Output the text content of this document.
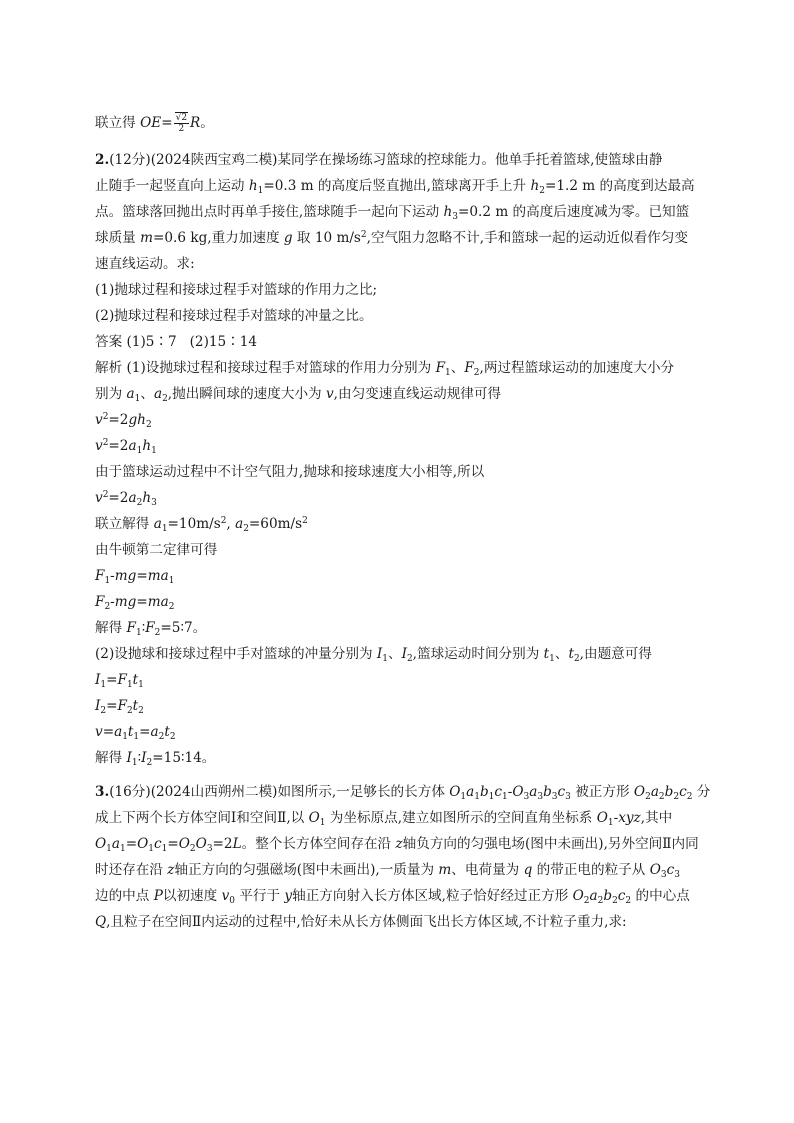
联立得 $OE= \frac{√2}{2}$ R。
2.(12分)(2024陕西宝鸡二模)某同学在操场练习篮球的控球能力。他单手托着篮球,使篮球由静
止随手一起竖直向上运动 $h_1=0.3$ m 的高度后竖直抛出,篮球离开手上升 $h_2=1.2$ m 的高度到达最高
点。篮球落回抛出点时再单手接住,篮球随手一起向下运动 $h_3=0.2$ m 的高度后速度减为零。已知篮
球质量 m=0.6 kg,重力加速度 g 取 10 $m/s^2$,空气阻力忽略不计,手和篮球一起的运动近似看作匀变
速直线运动。求:
(1)抛球过程和接球过程手对篮球的作用力之比;
(2)抛球过程和接球过程手对篮球的冲量之比。
答案 (1)5∶7   (2)15∶14
解析 (1)设抛球过程和接球过程手对篮球的作用力分别为 $F_1$、$F_2$,两过程篮球运动的加速度大小分
别为 $a_1$、$a_2$,抛出瞬间球的速度大小为 v,由匀变速直线运动规律可得
$v^2=2gh_2$
$v^2=2a_1h_1$
由于篮球运动过程中不计空气阻力,抛球和接球速度大小相等,所以
$v^2=2a_2h_3$
联立解得 $a_1=10m/s^2$, $a_2=60m/s^2$
由牛顿第二定律可得
$F_1-mg=ma_1$
$F_2-mg=ma_2$
解得 $F_1∶F_2=5∶7$。
(2)设抛球和接球过程中手对篮球的冲量分别为 $I_1$、$I_2$,篮球运动时间分别为 $t_1$、$t_2$,由题意可得
$I_1=F_1t_1$
$I_2=F_2t_2$
$v=a_1t_1=a_2t_2$
解得 $I_1∶I_2=15∶14$。
3.(16分)(2024山西朔州二模)如图所示,一足够长的长方体 $O_1a_1b_1c_1-O_3a_3b_3c_3$ 被正方形 $O_2a_2b_2c_2$ 分
成上下两个长方体空间Ⅰ和空间Ⅱ,以 $O_1$ 为坐标原点,建立如图所示的空间直角坐标系 $O_1$-xyz,其中
$O_1a_1=O_1c_1=O_2O_3=2L$。整个长方体空间存在沿 z轴负方向的匀强电场(图中未画出),另外空间Ⅱ内同
时还存在沿 z轴正方向的匀强磁场(图中未画出),一质量为 m、电荷量为 q 的带正电的粒子从 $O_3c_3$
边的中点 P以初速度 $v_0$ 平行于 y轴正方向射入长方体区域,粒子恰好经过正方形 $O_2a_2b_2c_2$ 的中心点
Q,且粒子在空间Ⅱ内运动的过程中,恰好未从长方体侧面飞出长方体区域,不计粒子重力,求:
